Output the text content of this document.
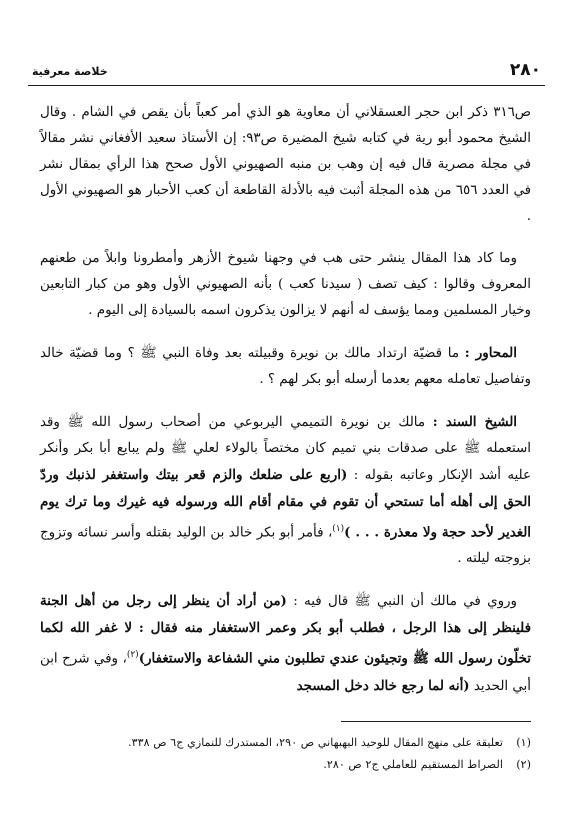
٢٨٠
خلاصة معرفية

ص٣١٦ ذكر ابن حجر العسقلاني أن معاوية هو الذي أمر كعباً بأن يقص في الشام . وقال الشيخ محمود أبو رية في كتابه شيخ المضيرة ص٩٣: إن الأستاذ سعيد الأفغاني نشر مقالاً في مجلة مصرية قال فيه إن وهب بن منبه الصهيوني الأول صحح هذا الرأي بمقال نشر في العدد ٦٥٦ من هذه المجلة أثبت فيه بالأدلة القاطعة أن كعب الأحبار هو الصهيوني الأول .

وما كاد هذا المقال ينشر حتى هب في وجهنا شيوخ الأزهر وأمطرونا وابلاً من طعنهم المعروف وقالوا : كيف تصف ( سيدنا كعب ) بأنه الصهيوني الأول وهو من كبار التابعين وخيار المسلمين ومما يؤسف له أنهم لا يزالون يذكرون اسمه بالسيادة إلى اليوم .

المحاور : ما قضيّة ارتداد مالك بن نويرة وقبيلته بعد وفاة النبي ﷺ ؟ وما قضيّة خالد وتفاصيل تعامله معهم بعدما أرسله أبو بكر لهم ؟ .

الشيخ السند : مالك بن نويرة التميمي اليربوعي من أصحاب رسول الله ﷺ وقد استعمله ﷺ على صدقات بني تميم كان مختصاً بالولاء لعلي ﷺ ولم يبايع أبا بكر وأنكر عليه أشد الإنكار وعاتبه بقوله : (اربع على ضلعك والزم قعر بيتك واستغفر لذنبك وردّ الحق إلى أهله أما تستحي أن تقوم في مقام أقام الله ورسوله فيه غيرك وما ترك يوم الغدير لأحد حجة ولا معذرة . . . )$^{(١)}$، فأمر أبو بكر خالد بن الوليد بقتله وأسر نسائه وتزوج بزوجته ليلته .

وروي في مالك أن النبي ﷺ قال فيه : (من أراد أن ينظر إلى رجل من أهل الجنة فلينظر إلى هذا الرجل ، فطلب أبو بكر وعمر الاستغفار منه فقال : لا غفر الله لكما تخلّون رسول الله ﷺ وتجيئون عندي تطلبون مني الشفاعة والاستغفار)$^{(٢)}$، وفي شرح ابن أبي الحديد (أنه لما رجع خالد دخل المسجد

(١)تعليقة على منهج المقال للوحيد البهبهاني ص ٢٩٠، المستدرك للنمازي ج٦ ص ٣٣٨.

(٢)الصراط المستقيم للعاملي ج٢ ص ٢٨٠.
